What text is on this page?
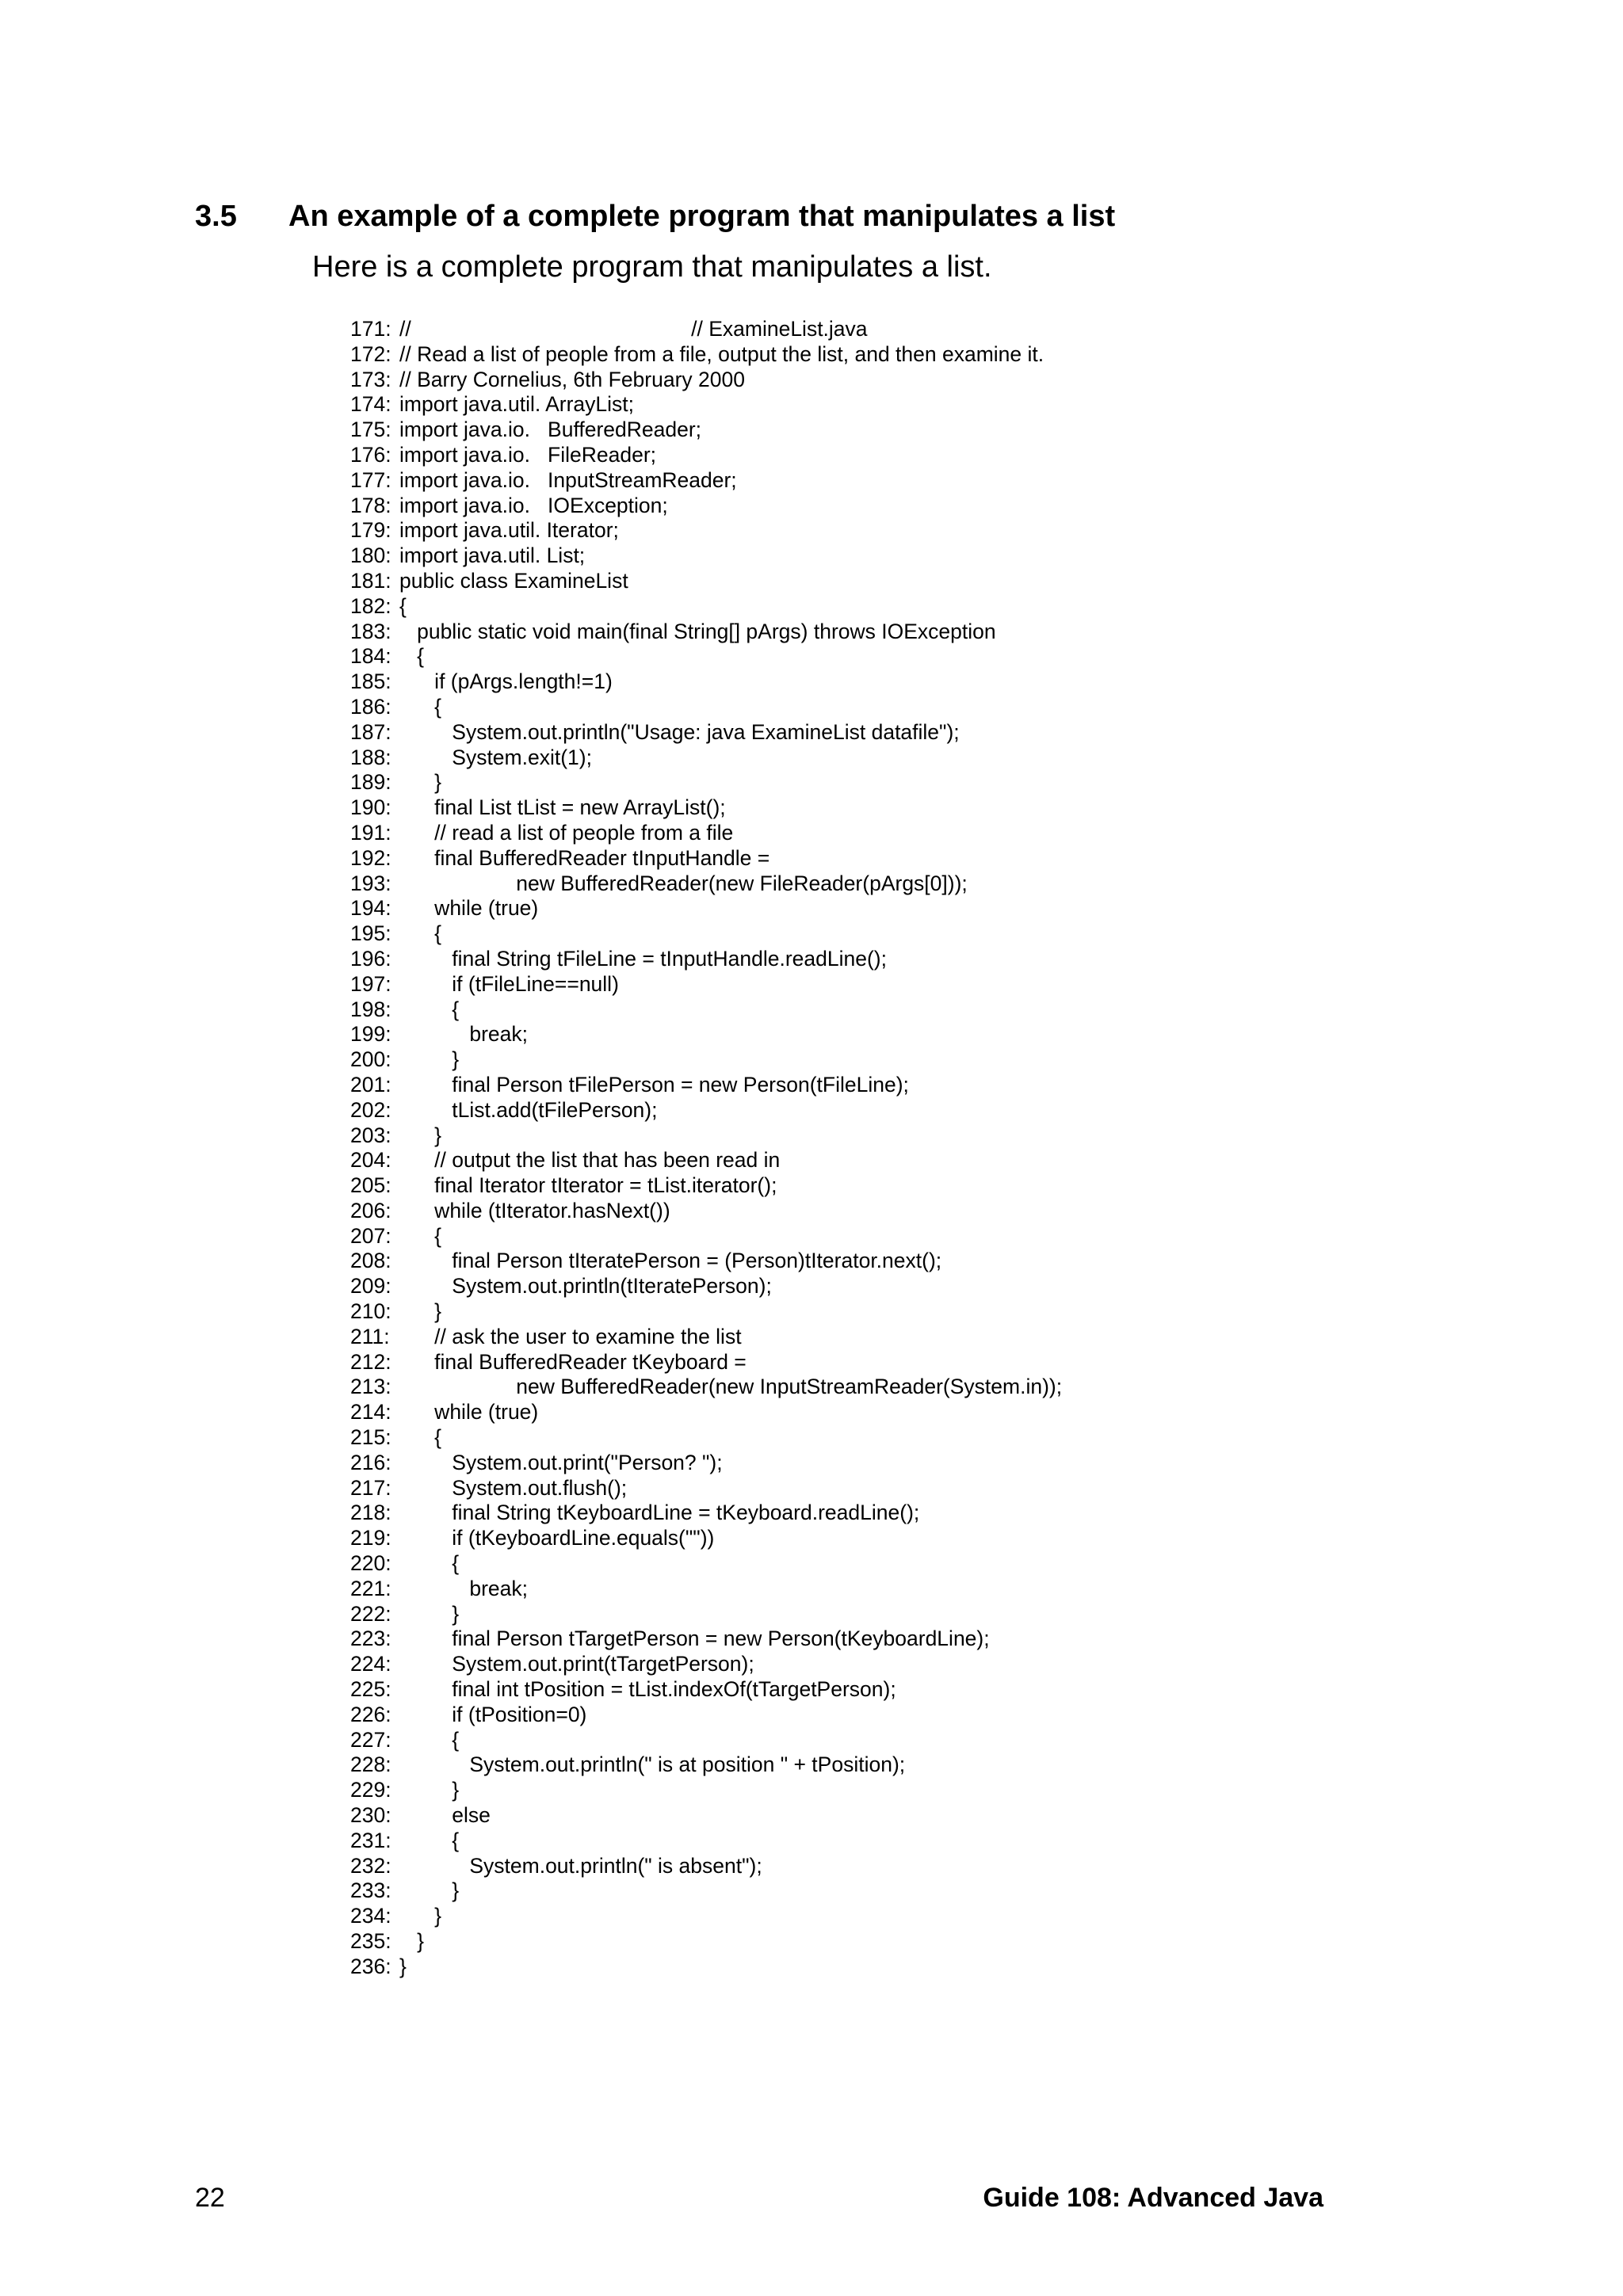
3.5 An example of a complete program that manipulates a list
Here is a complete program that manipulates a list.
171: //                                                // ExamineList.java
172: // Read a list of people from a file, output the list, and then examine it.
173: // Barry Cornelius, 6th February 2000
174: import java.util. ArrayList;
175: import java.io.   BufferedReader;
176: import java.io.   FileReader;
177: import java.io.   InputStreamReader;
178: import java.io.   IOException;
179: import java.util. Iterator;
180: import java.util. List;
181: public class ExamineList
182: {
183: public static void main(final String[] pArgs) throws IOException
184: {
185: if (pArgs.length!=1)
186: {
187: System.out.println("Usage: java ExamineList datafile");
188: System.exit(1);
189: }
190: final List tList = new ArrayList();
191: // read a list of people from a file
192: final BufferedReader tInputHandle =
193: new BufferedReader(new FileReader(pArgs[0]));
194: while (true)
195: {
196: final String tFileLine = tInputHandle.readLine();
197: if (tFileLine==null)
198: {
199: break;
200: }
201: final Person tFilePerson = new Person(tFileLine);
202: tList.add(tFilePerson);
203: }
204: // output the list that has been read in
205: final Iterator tIterator = tList.iterator();
206: while (tIterator.hasNext())
207: {
208: final Person tIteratePerson = (Person)tIterator.next();
209: System.out.println(tIteratePerson);
210: }
211: // ask the user to examine the list
212: final BufferedReader tKeyboard =
213: new BufferedReader(new InputStreamReader(System.in));
214: while (true)
215: {
216: System.out.print("Person? ");
217: System.out.flush();
218: final String tKeyboardLine = tKeyboard.readLine();
219: if (tKeyboardLine.equals(""))
220: {
221: break;
222: }
223: final Person tTargetPerson = new Person(tKeyboardLine);
224: System.out.print(tTargetPerson);
225: final int tPosition = tList.indexOf(tTargetPerson);
226: if (tPosition=0)
227: {
228: System.out.println(" is at position " + tPosition);
229: }
230: else
231: {
232: System.out.println(" is absent");
233: }
234: }
235: }
236: }
22	Guide 108: Advanced Java
